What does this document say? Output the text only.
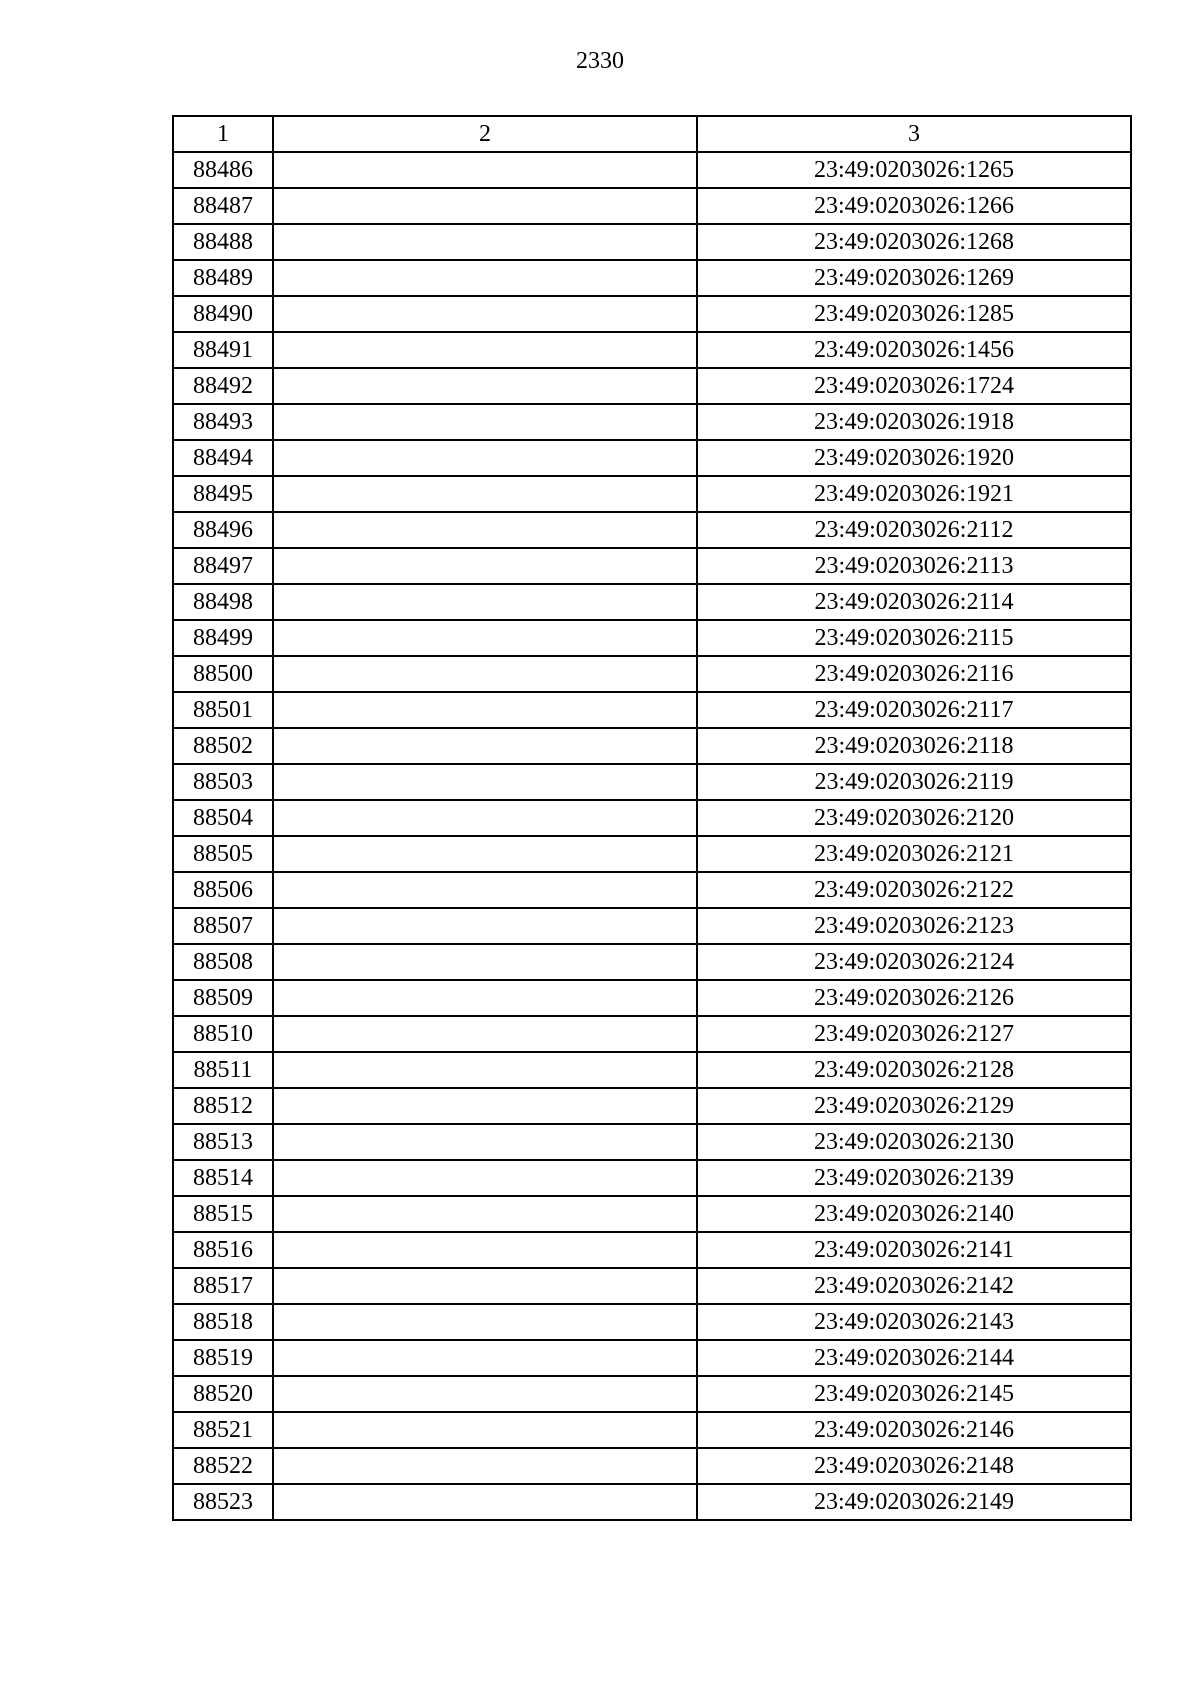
2330
1	2	3
88486		23:49:0203026:1265
88487		23:49:0203026:1266
88488		23:49:0203026:1268
88489		23:49:0203026:1269
88490		23:49:0203026:1285
88491		23:49:0203026:1456
88492		23:49:0203026:1724
88493		23:49:0203026:1918
88494		23:49:0203026:1920
88495		23:49:0203026:1921
88496		23:49:0203026:2112
88497		23:49:0203026:2113
88498		23:49:0203026:2114
88499		23:49:0203026:2115
88500		23:49:0203026:2116
88501		23:49:0203026:2117
88502		23:49:0203026:2118
88503		23:49:0203026:2119
88504		23:49:0203026:2120
88505		23:49:0203026:2121
88506		23:49:0203026:2122
88507		23:49:0203026:2123
88508		23:49:0203026:2124
88509		23:49:0203026:2126
88510		23:49:0203026:2127
88511		23:49:0203026:2128
88512		23:49:0203026:2129
88513		23:49:0203026:2130
88514		23:49:0203026:2139
88515		23:49:0203026:2140
88516		23:49:0203026:2141
88517		23:49:0203026:2142
88518		23:49:0203026:2143
88519		23:49:0203026:2144
88520		23:49:0203026:2145
88521		23:49:0203026:2146
88522		23:49:0203026:2148
88523		23:49:0203026:2149
